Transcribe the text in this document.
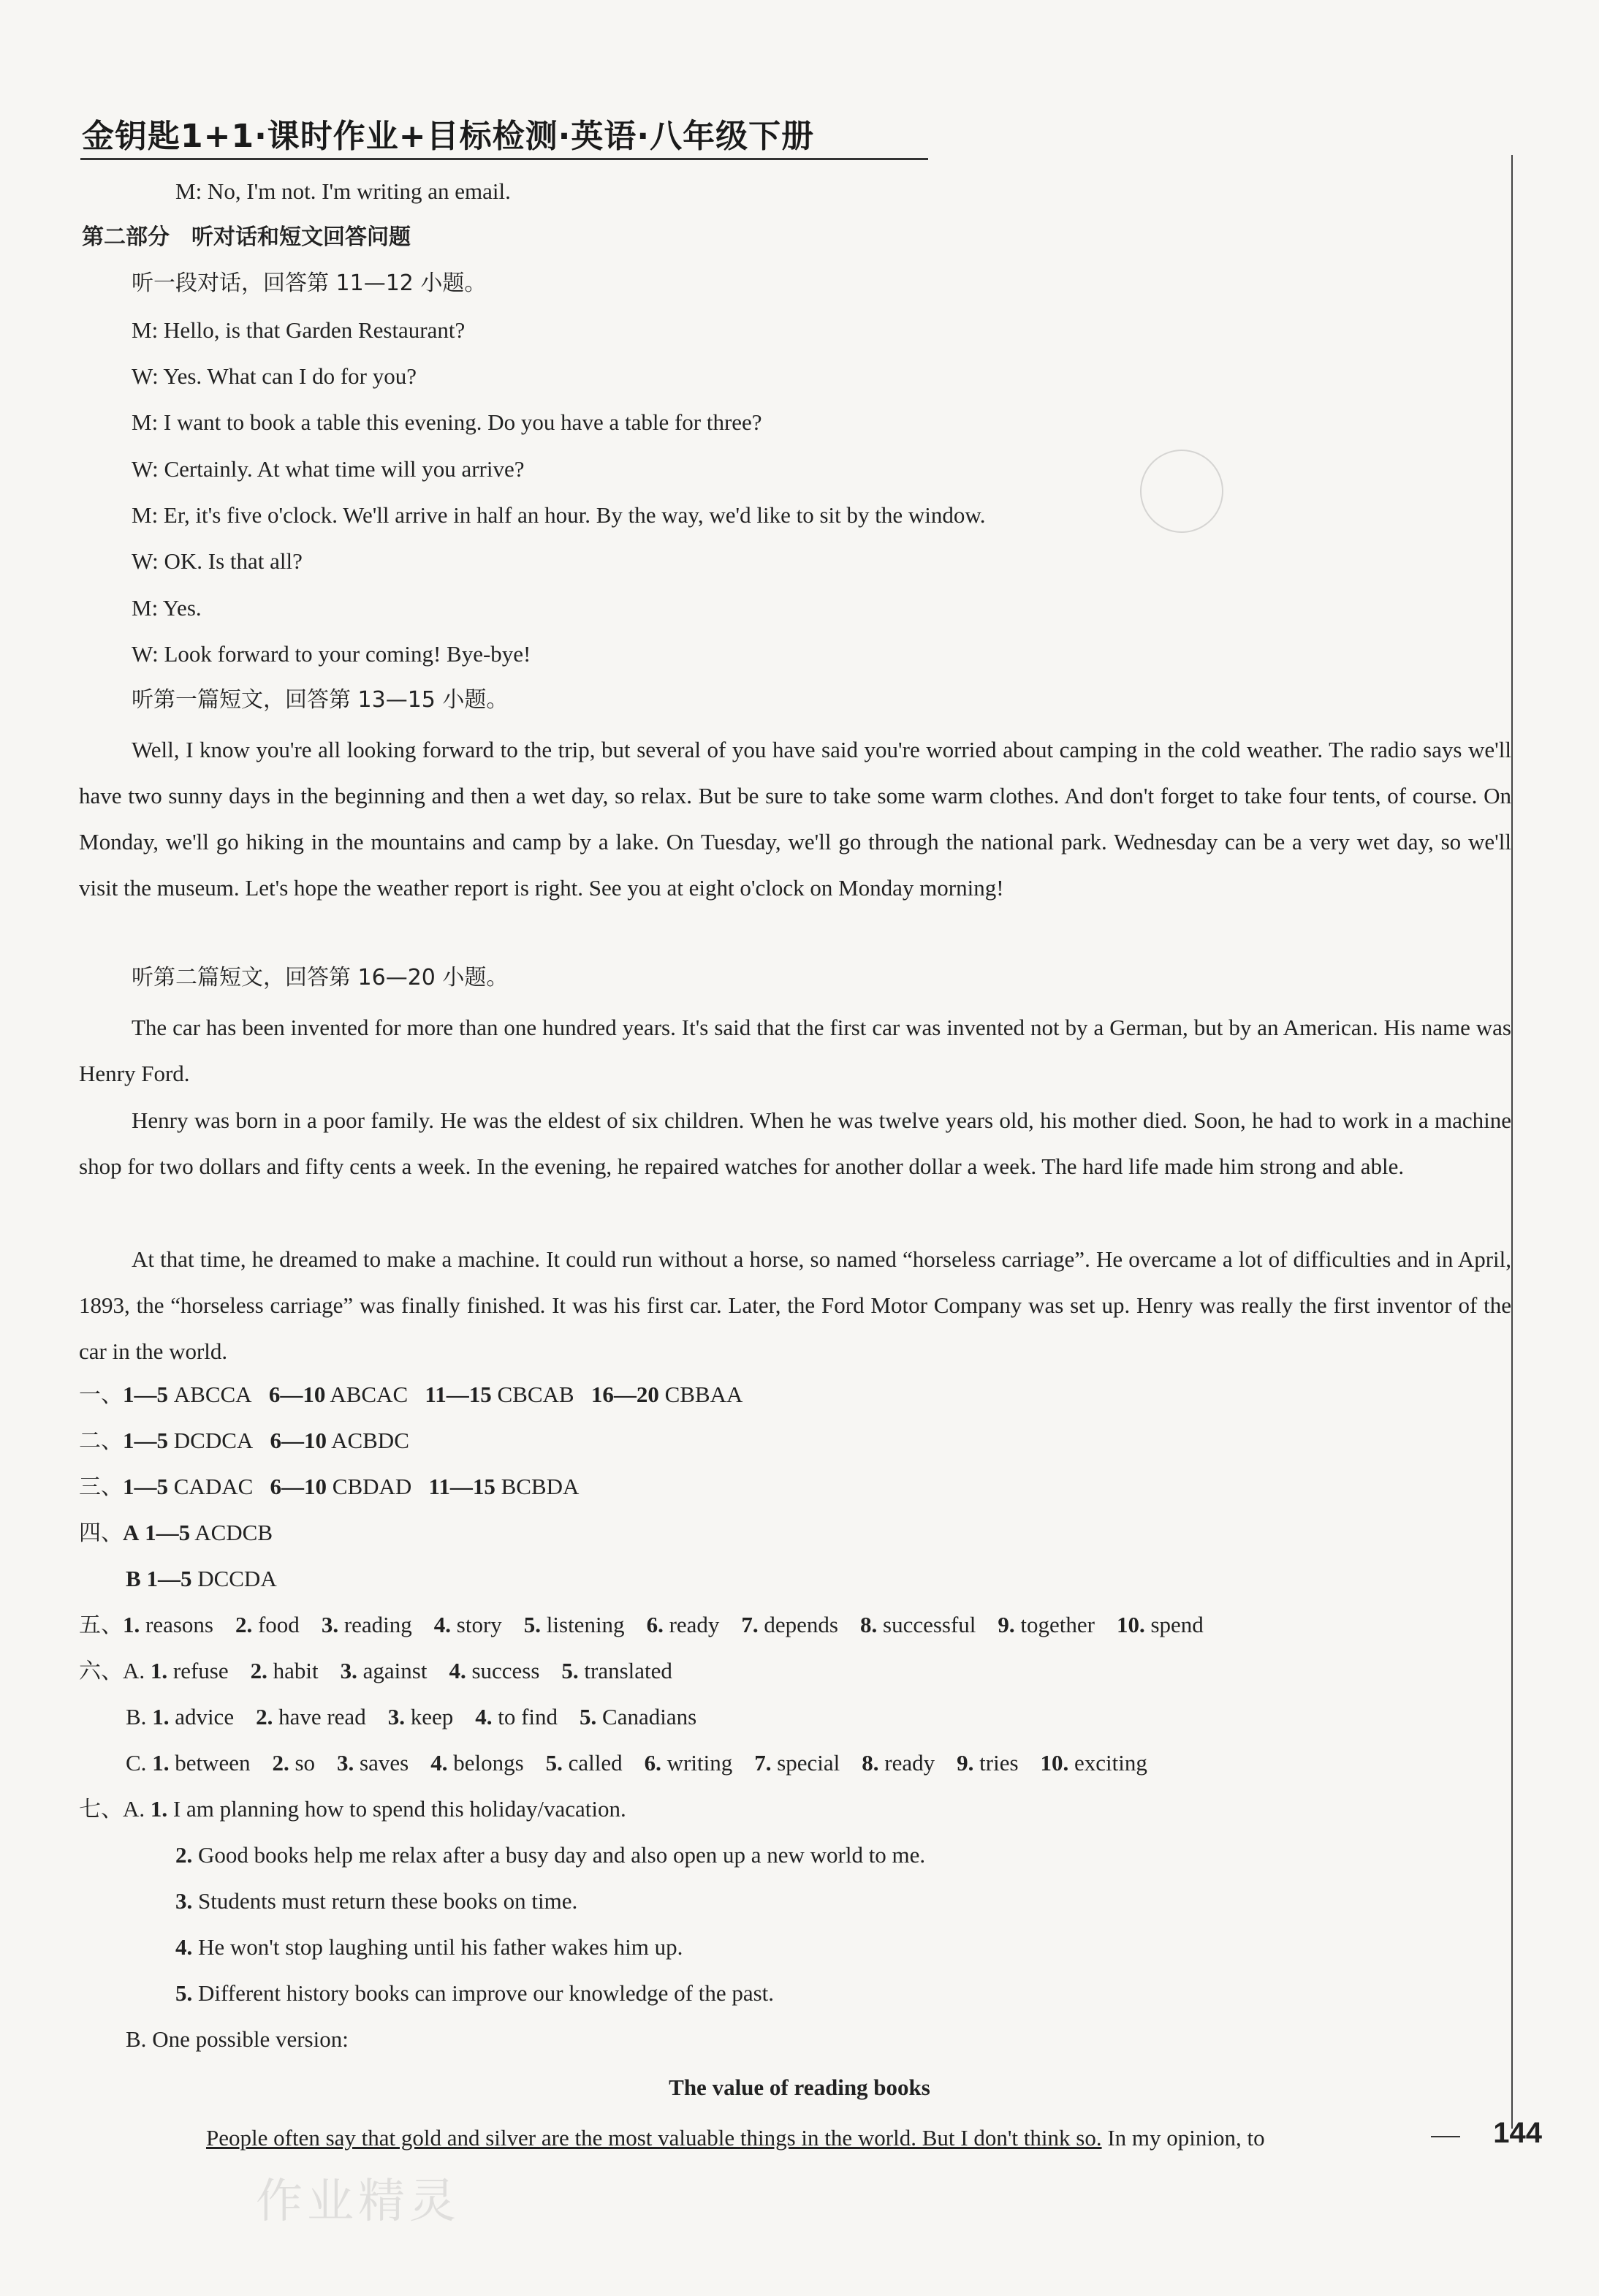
金钥匙1+1·课时作业+目标检测·英语·八年级下册
M: No, I'm not. I'm writing an email.
第二部分　听对话和短文回答问题
听一段对话，回答第 11—12 小题。
M: Hello, is that Garden Restaurant?
W: Yes. What can I do for you?
M: I want to book a table this evening. Do you have a table for three?
W: Certainly. At what time will you arrive?
M: Er, it's five o'clock. We'll arrive in half an hour. By the way, we'd like to sit by the window.
W: OK. Is that all?
M: Yes.
W: Look forward to your coming! Bye-bye!
听第一篇短文，回答第 13—15 小题。
Well, I know you're all looking forward to the trip, but several of you have said you're worried about camping in the cold weather. The radio says we'll have two sunny days in the beginning and then a wet day, so relax. But be sure to take some warm clothes. And don't forget to take four tents, of course. On Monday, we'll go hiking in the mountains and camp by a lake. On Tuesday, we'll go through the national park. Wednesday can be a very wet day, so we'll visit the museum. Let's hope the weather report is right. See you at eight o'clock on Monday morning!
听第二篇短文，回答第 16—20 小题。
The car has been invented for more than one hundred years. It's said that the first car was invented not by a German, but by an American. His name was Henry Ford.
Henry was born in a poor family. He was the eldest of six children. When he was twelve years old, his mother died. Soon, he had to work in a machine shop for two dollars and fifty cents a week. In the evening, he repaired watches for another dollar a week. The hard life made him strong and able.
At that time, he dreamed to make a machine. It could run without a horse, so named “horseless carriage”. He overcame a lot of difficulties and in April, 1893, the “horseless carriage” was finally finished. It was his first car. Later, the Ford Motor Company was set up. Henry was really the first inventor of the car in the world.
一、1—5 ABCCA 6—10 ABCAC 11—15 CBCAB 16—20 CBBAA
二、1—5 DCDCA 6—10 ACBDC
三、1—5 CADAC 6—10 CBDAD 11—15 BCBDA
四、A 1—5 ACDCB
B 1—5 DCCDA
五、1. reasons 2. food 3. reading 4. story 5. listening 6. ready 7. depends 8. successful 9. together 10. spend
六、A. 1. refuse 2. habit 3. against 4. success 5. translated
B. 1. advice 2. have read 3. keep 4. to find 5. Canadians
C. 1. between 2. so 3. saves 4. belongs 5. called 6. writing 7. special 8. ready 9. tries 10. exciting
七、A. 1. I am planning how to spend this holiday/vacation.
2. Good books help me relax after a busy day and also open up a new world to me.
3. Students must return these books on time.
4. He won't stop laughing until his father wakes him up.
5. Different history books can improve our knowledge of the past.
B. One possible version:
The value of reading books
People often say that gold and silver are the most valuable things in the world. But I don't think so. In my opinion, to	144
作业精灵
